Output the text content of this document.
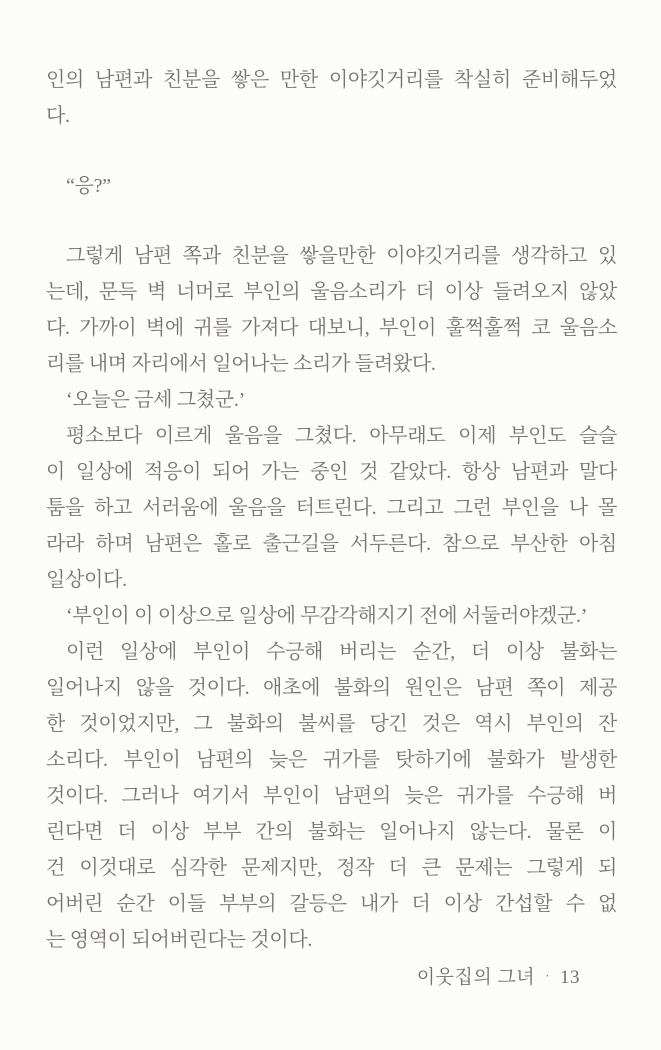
인의 남편과 친분을 쌓은 만한 이야깃거리를 착실히 준비해두었
다.
“응?”
그렇게 남편 쪽과 친분을 쌓을만한 이야깃거리를 생각하고 있
는데, 문득 벽 너머로 부인의 울음소리가 더 이상 들려오지 않았
다. 가까이 벽에 귀를 가져다 대보니, 부인이 훌쩍훌쩍 코 울음소
리를 내며 자리에서 일어나는 소리가 들려왔다.
‘오늘은 금세 그쳤군.’
평소보다 이르게 울음을 그쳤다. 아무래도 이제 부인도 슬슬
이 일상에 적응이 되어 가는 중인 것 같았다. 항상 남편과 말다
툼을 하고 서러움에 울음을 터트린다. 그리고 그런 부인을 나 몰
라라 하며 남편은 홀로 출근길을 서두른다. 참으로 부산한 아침
일상이다.
‘부인이 이 이상으로 일상에 무감각해지기 전에 서둘러야겠군.’
이런 일상에 부인이 수긍해 버리는 순간, 더 이상 불화는
일어나지 않을 것이다. 애초에 불화의 원인은 남편 쪽이 제공
한 것이었지만, 그 불화의 불씨를 당긴 것은 역시 부인의 잔
소리다. 부인이 남편의 늦은 귀가를 탓하기에 불화가 발생한
것이다. 그러나 여기서 부인이 남편의 늦은 귀가를 수긍해 버
린다면 더 이상 부부 간의 불화는 일어나지 않는다. 물론 이
건 이것대로 심각한 문제지만, 정작 더 큰 문제는 그렇게 되
어버린 순간 이들 부부의 갈등은 내가 더 이상 간섭할 수 없
는 영역이 되어버린다는 것이다.
이웃집의 그녀 · 13
